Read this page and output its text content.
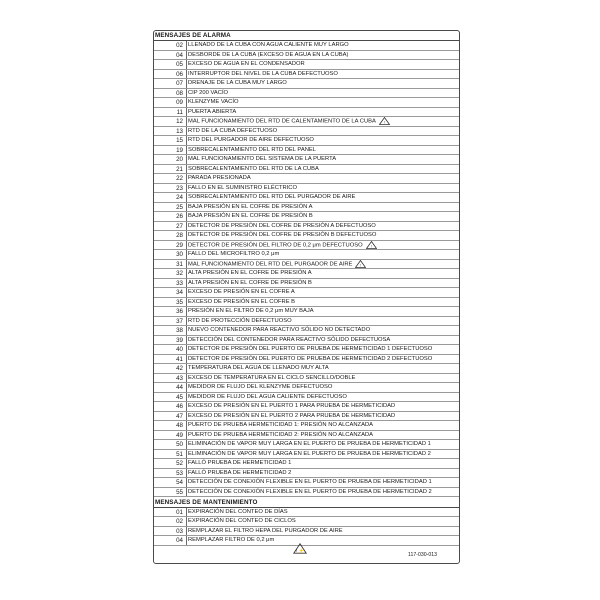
MENSAJES DE ALARMA
02 LLENADO DE LA CUBA CON AGUA CALIENTE MUY LARGO
04 DESBORDE DE LA CUBA (EXCESO DE AGUA EN LA CUBA)
05 EXCESO DE AGUA EN EL CONDENSADOR
06 INTERRUPTOR DEL NIVEL DE LA CUBA DEFECTUOSO
07 DRENAJE DE LA CUBA MUY LARGO
08 CIP 200 VACÍO
09 KLENZYME VACÍO
11 PUERTA ABIERTA
12 MAL FUNCIONAMIENTO DEL RTD DE CALENTAMIENTO DE LA CUBA !
13 RTD DE LA CUBA DEFECTUOSO
15 RTD DEL PURGADOR DE AIRE DEFECTUOSO
19 SOBRECALENTAMIENTO DEL RTD DEL PANEL
20 MAL FUNCIONAMIENTO DEL SISTEMA DE LA PUERTA
21 SOBRECALENTAMIENTO DEL RTD DE LA CUBA
22 PARADA PRESIONADA
23 FALLO EN EL SUMINISTRO ELÉCTRICO
24 SOBRECALENTAMIENTO DEL RTD DEL PURGADOR DE AIRE
25 BAJA PRESIÓN EN EL COFRE DE PRESIÓN A
26 BAJA PRESIÓN EN EL COFRE DE PRESIÓN B
27 DETECTOR DE PRESIÓN DEL COFRE DE PRESIÓN A DEFECTUOSO
28 DETECTOR DE PRESIÓN DEL COFRE DE PRESIÓN B DEFECTUOSO
29 DETECTOR DE PRESIÓN DEL FILTRO DE 0,2 μm DEFECTUOSO !
30 FALLO DEL MICROFILTRO 0,2 μm
31 MAL FUNCIONAMIENTO DEL RTD DEL PURGADOR DE AIRE !
32 ALTA PRESIÓN EN EL COFRE DE PRESIÓN A
33 ALTA PRESIÓN EN EL COFRE DE PRESIÓN B
34 EXCESO DE PRESIÓN EN EL COFRE A
35 EXCESO DE PRESIÓN EN EL COFRE B
36 PRESIÓN EN EL FILTRO DE 0,2 μm MUY BAJA
37 RTD DE PROTECCIÓN DEFECTUOSO
38 NUEVO CONTENEDOR PARA REACTIVO SÓLIDO NO DETECTADO
39 DETECCIÓN DEL CONTENEDOR PARA REACTIVO SÓLIDO DEFECTUOSA
40 DETECTOR DE PRESIÓN DEL PUERTO DE PRUEBA DE HERMETICIDAD 1 DEFECTUOSO
41 DETECTOR DE PRESIÓN DEL PUERTO DE PRUEBA DE HERMETICIDAD 2 DEFECTUOSO
42 TEMPERATURA DEL AGUA DE LLENADO MUY ALTA
43 EXCESO DE TEMPERATURA EN EL CICLO SENCILLO/DOBLE
44 MEDIDOR DE FLUJO DEL KLENZYME DEFECTUOSO
45 MEDIDOR DE FLUJO DEL AGUA CALIENTE DEFECTUOSO
46 EXCESO DE PRESIÓN EN EL PUERTO 1 PARA PRUEBA DE HERMETICIDAD
47 EXCESO DE PRESIÓN EN EL PUERTO 2 PARA PRUEBA DE HERMETICIDAD
48 PUERTO DE PRUEBA HERMETICIDAD 1: PRESIÓN NO ALCANZADA
49 PUERTO DE PRUEBA HERMETICIDAD 2: PRESIÓN NO ALCANZADA
50 ELIMINACIÓN DE VAPOR MUY LARGA EN EL PUERTO DE PRUEBA DE HERMETICIDAD 1
51 ELIMINACIÓN DE VAPOR MUY LARGA EN EL PUERTO DE PRUEBA DE HERMETICIDAD 2
52 FALLÓ PRUEBA DE HERMETICIDAD 1
53 FALLÓ PRUEBA DE HERMETICIDAD 2
54 DETECCIÓN DE CONEXIÓN FLEXIBLE EN EL PUERTO DE PRUEBA DE HERMETICIDAD 1
55 DETECCIÓN DE CONEXIÓN FLEXIBLE EN EL PUERTO DE PRUEBA DE HERMETICIDAD 2
MENSAJES DE MANTENIMIENTO
01 EXPIRACIÓN DEL CONTEO DE DÍAS
02 EXPIRACIÓN DEL CONTEO DE CICLOS
03 REMPLAZAR EL FILTRO HEPA DEL PURGADOR DE AIRE
04 REMPLAZAR FILTRO DE 0,2 μm
! ⚡
117-030-013
